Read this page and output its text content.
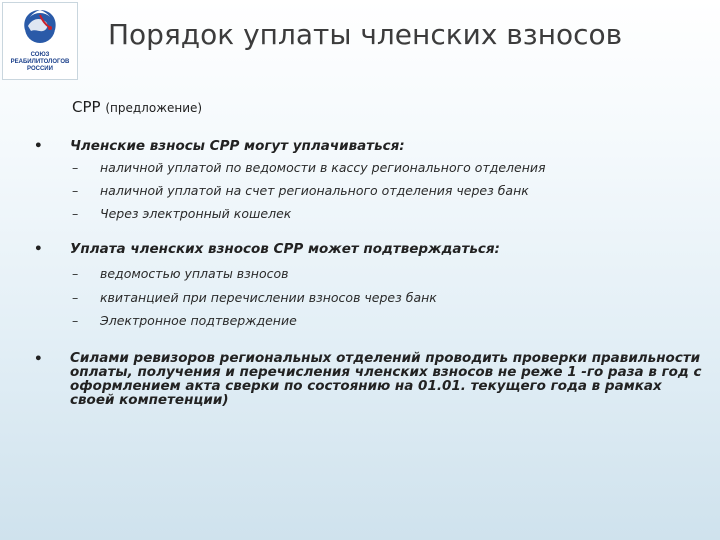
СОЮЗ
РЕАБИЛИТОЛОГОВ
РОССИИ
Порядок уплаты членских взносов
СРР (предложение)
• Членские взносы СРР могут уплачиваться:
– наличной уплатой по ведомости в кассу регионального отделения
– наличной уплатой на счет регионального отделения через банк
– Через электронный кошелек
• Уплата членских взносов СРР может подтверждаться:
– ведомостью уплаты взносов
– квитанцией при перечислении взносов через банк
– Электронное подтверждение
• Силами ревизоров региональных отделений проводить проверки правильности оплаты, получения и перечисления членских взносов не реже 1 -го раза в год с оформлением акта сверки по состоянию на 01.01. текущего года в рамках своей компетенции)
